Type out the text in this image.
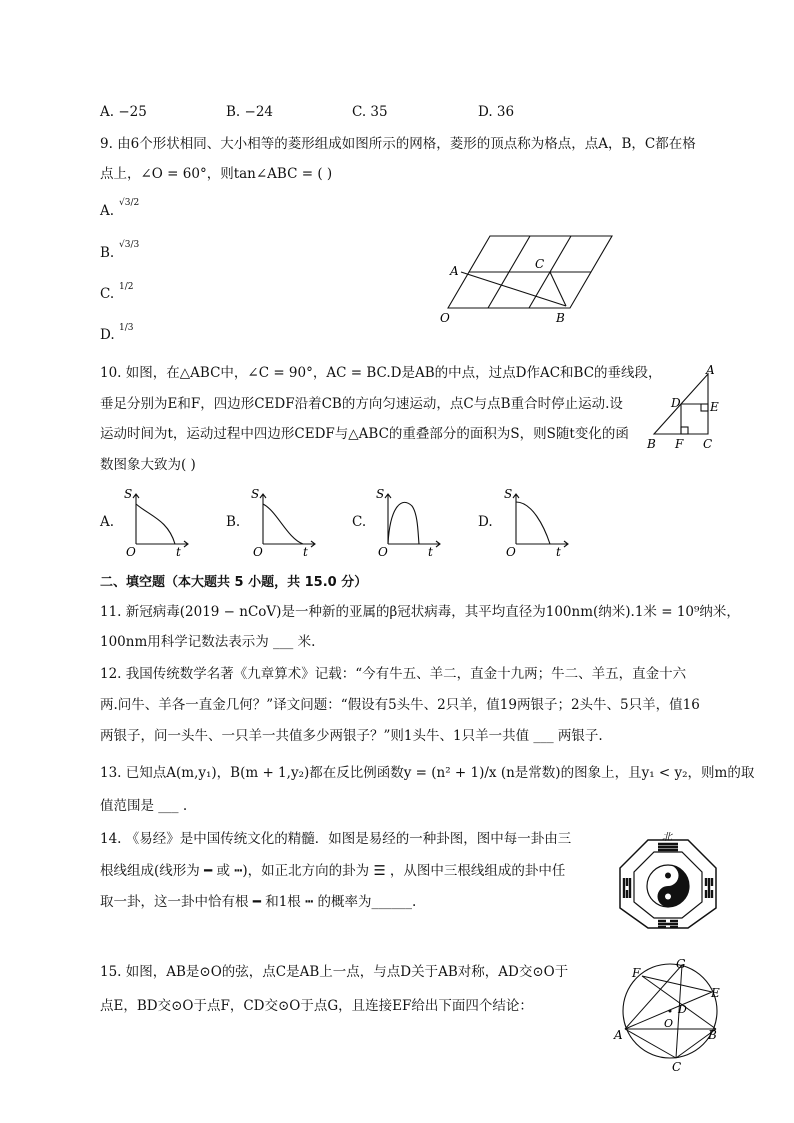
A. −25	B. −24	C. 35	D. 36
9. 由6个形状相同、大小相等的菱形组成如图所示的网格，菱形的顶点称为格点，点A，B，C都在格
点上，∠O = 60°，则tan∠ABC = ( )
A.
B.
C.
D.
√3/2
√3/3
1/2
1/3
A	C
O	B
10. 如图，在△ABC中，∠C = 90°，AC = BC.D是AB的中点，过点D作AC和BC的垂线段，
垂足分别为E和F，四边形CEDF沿着CB的方向匀速运动，点C与点B重合时停止运动.设
运动时间为t，运动过程中四边形CEDF与△ABC的重叠部分的面积为S，则S随t变化的函
数图象大致为( )
A
D E
B F C
A.	B.	C.	D.
S
O	t
S
O	t
S
O	t
S
O	t
二、填空题（本大题共 5 小题，共 15.0 分）
11. 新冠病毒(2019 − nCoV)是一种新的亚属的β冠状病毒，其平均直径为100nm(纳米).1米 = 10⁹纳米，
100nm用科学记数法表示为 ___ 米.
12. 我国传统数学名著《九章算术》记载：“今有牛五、羊二，直金十九两；牛二、羊五，直金十六
两.问牛、羊各一直金几何？”译文问题：“假设有5头牛、2只羊，值19两银子；2头牛、5只羊，值16
两银子，问一头牛、一只羊一共值多少两银子？”则1头牛、1只羊一共值 ___ 两银子.
13. 已知点A(m,y₁)，B(m + 1,y₂)都在反比例函数y = (n² + 1)/x (n是常数)的图象上，且y₁ < y₂，则m的取
值范围是 ___ .
14. 《易经》是中国传统文化的精髓．如图是易经的一种卦图，图中每一卦由三
根线组成(线形为 ━ 或 ┅)，如正北方向的卦为 ☰ ，从图中三根线组成的卦中任
取一卦，这一卦中恰有根 ━ 和1根 ┅ 的概率为______.
北
15. 如图，AB是⊙O的弦，点C是AB上一点，与点D关于AB对称，AD交⊙O于
点E，BD交⊙O于点F，CD交⊙O于点G，且连接EF给出下面四个结论：
F
G
E
D
O
A	B
C
